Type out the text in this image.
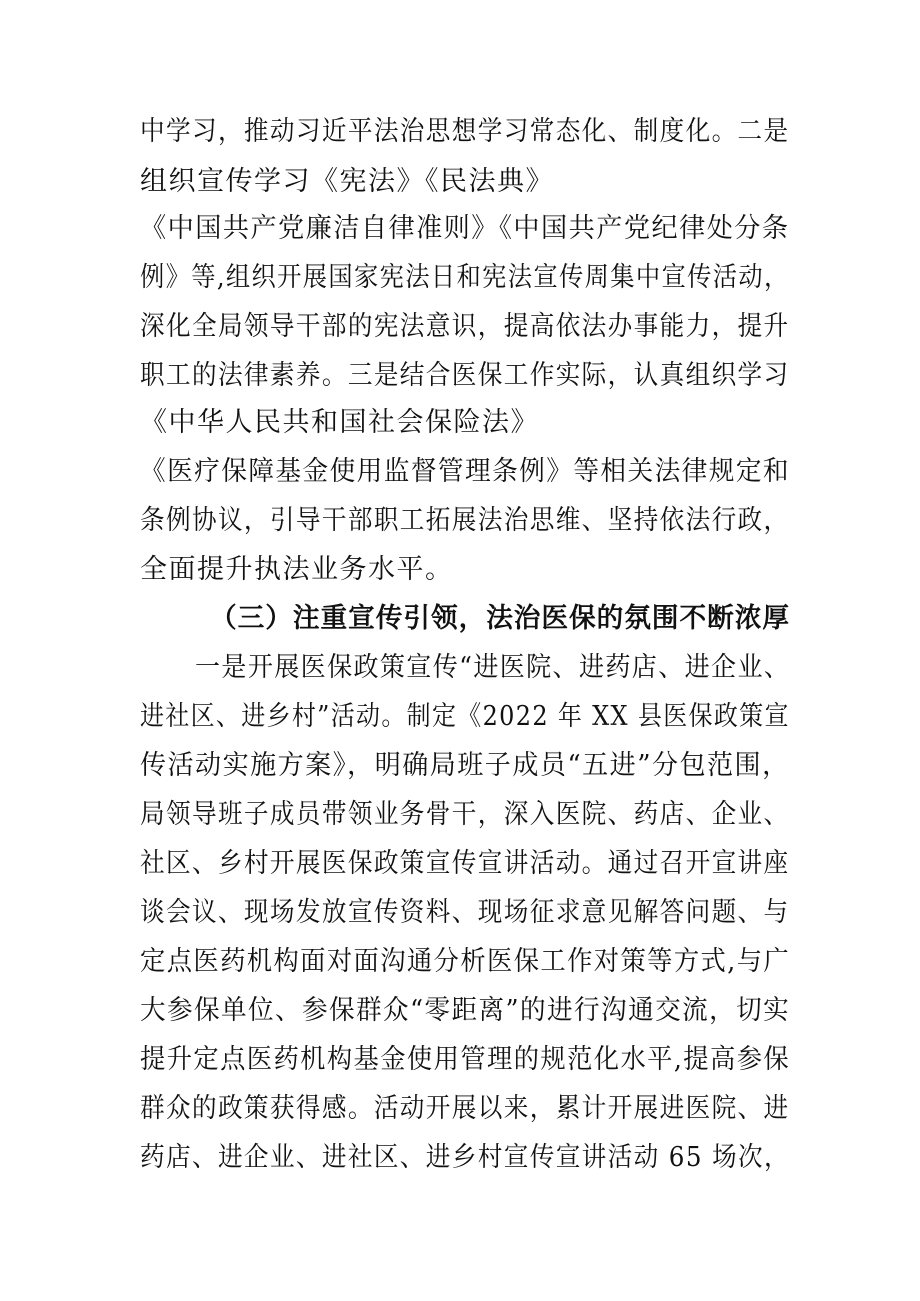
中学习，推动习近平法治思想学习常态化、制度化。二是
组织宣传学习《宪法》《民法典》
《中国共产党廉洁自律准则》《中国共产党纪律处分条
例》等,组织开展国家宪法日和宪法宣传周集中宣传活动，
深化全局领导干部的宪法意识，提高依法办事能力，提升
职工的法律素养。三是结合医保工作实际，认真组织学习
《中华人民共和国社会保险法》
《医疗保障基金使用监督管理条例》等相关法律规定和
条例协议，引导干部职工拓展法治思维、坚持依法行政，
全面提升执法业务水平。
（三）注重宣传引领，法治医保的氛围不断浓厚
一是开展医保政策宣传“进医院、进药店、进企业、
进社区、进乡村”活动。制定《2022 年 XX 县医保政策宣
传活动实施方案》，明确局班子成员“五进”分包范围，
局领导班子成员带领业务骨干，深入医院、药店、企业、
社区、乡村开展医保政策宣传宣讲活动。通过召开宣讲座
谈会议、现场发放宣传资料、现场征求意见解答问题、与
定点医药机构面对面沟通分析医保工作对策等方式,与广
大参保单位、参保群众“零距离”的进行沟通交流，切实
提升定点医药机构基金使用管理的规范化水平,提高参保
群众的政策获得感。活动开展以来，累计开展进医院、进
药店、进企业、进社区、进乡村宣传宣讲活动 65 场次，
